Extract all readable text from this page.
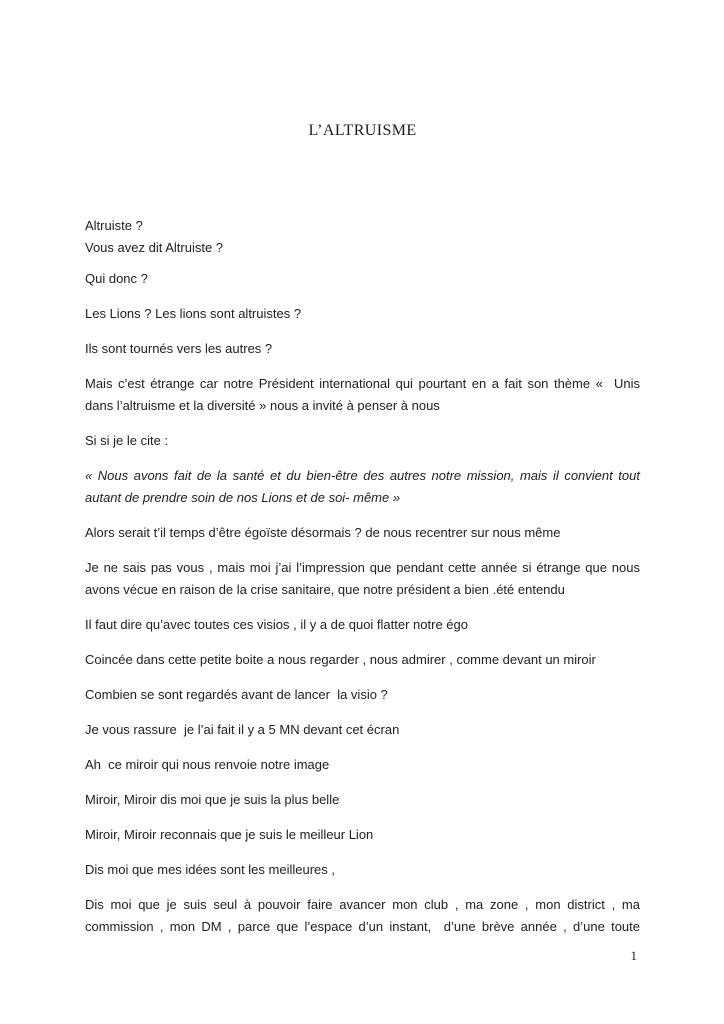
L’ALTRUISME

Altruiste ?
Vous avez dit Altruiste ?

Qui donc ?

Les Lions ? Les lions sont altruistes ?

Ils sont tournés vers les autres ?

Mais c’est étrange car notre Président international qui pourtant en a fait son thème «  Unis
dans l’altruisme et la diversité » nous a invité à penser à nous

Si si je le cite :

« Nous avons fait de la santé et du bien-être des autres notre mission, mais il convient tout
autant de prendre soin de nos Lions et de soi- même »

Alors serait t’il temps d’être égoïste désormais ? de nous recentrer sur nous même

Je ne sais pas vous , mais moi j’ai l’impression que pendant cette année si étrange que nous
avons vécue en raison de la crise sanitaire, que notre président a bien .été entendu

Il faut dire qu’avec toutes ces visios , il y a de quoi flatter notre égo

Coincée dans cette petite boite a nous regarder , nous admirer , comme devant un miroir

Combien se sont regardés avant de lancer  la visio ?

Je vous rassure  je l’ai fait il y a 5 MN devant cet écran

Ah  ce miroir qui nous renvoie notre image

Miroir, Miroir dis moi que je suis la plus belle

Miroir, Miroir reconnais que je suis le meilleur Lion

Dis moi que mes idées sont les meilleures ,

Dis moi que je suis seul à pouvoir faire avancer mon club , ma zone , mon district , ma
commission , mon DM , parce que l’espace d’un instant,  d’une brève année , d’une toute

1
